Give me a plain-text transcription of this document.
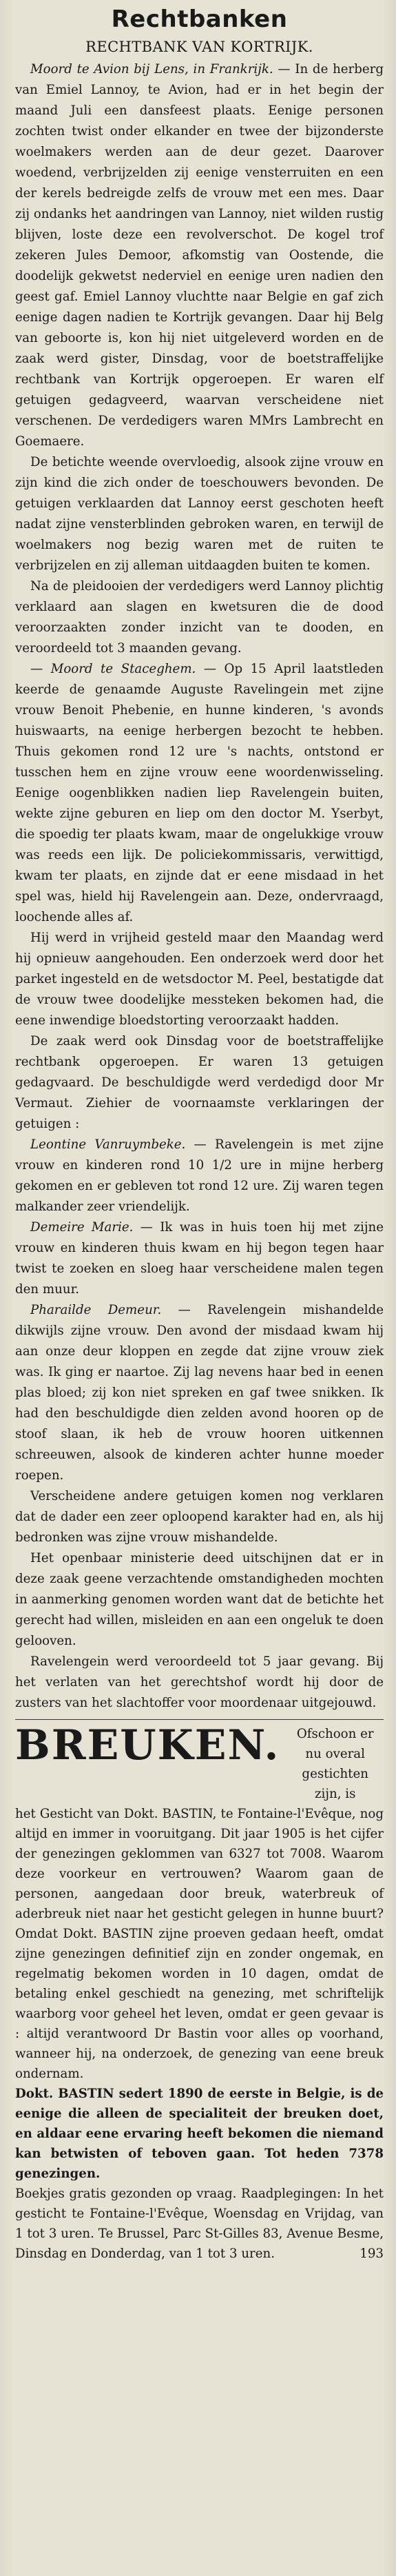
Rechtbanken
RECHTBANK VAN KORTRIJK.

Moord te Avion bij Lens, in Frankrijk. — In de herberg van Emiel Lannoy, te Avion, had er in het begin der maand Juli een dansfeest plaats. Eenige personen zochten twist onder elkander en twee der bijzonderste woelmakers werden aan de deur gezet. Daarover woedend, verbrijzelden zij eenige vensterruiten en een der kerels bedreigde zelfs de vrouw met een mes. Daar zij ondanks het aandringen van Lannoy, niet wilden rustig blijven, loste deze een revolverschot. De kogel trof zekeren Jules Demoor, afkomstig van Oostende, die doodelijk gekwetst nederviel en eenige uren nadien den geest gaf. Emiel Lannoy vluchtte naar Belgie en gaf zich eenige dagen nadien te Kortrijk gevangen. Daar hij Belg van geboorte is, kon hij niet uitgeleverd worden en de zaak werd gister, Dinsdag, voor de boetstraffelijke rechtbank van Kortrijk opgeroepen. Er waren elf getuigen gedagveerd, waarvan verscheidene niet verschenen. De verdedigers waren MMrs Lambrecht en Goemaere.

De betichte weende overvloedig, alsook zijne vrouw en zijn kind die zich onder de toeschouwers bevonden. De getuigen verklaarden dat Lannoy eerst geschoten heeft nadat zijne vensterblinden gebroken waren, en terwijl de woelmakers nog bezig waren met de ruiten te verbrijzelen en zij alleman uitdaagden buiten te komen.

Na de pleidooien der verdedigers werd Lannoy plichtig verklaard aan slagen en kwetsuren die de dood veroorzaakten zonder inzicht van te dooden, en veroordeeld tot 3 maanden gevang.

— Moord te Staceghem. — Op 15 April laatstleden keerde de genaamde Auguste Ravelingein met zijne vrouw Benoit Phebenie, en hunne kinderen, 's avonds huiswaarts, na eenige herbergen bezocht te hebben. Thuis gekomen rond 12 ure 's nachts, ontstond er tusschen hem en zijne vrouw eene woordenwisseling. Eenige oogenblikken nadien liep Ravelengein buiten, wekte zijne geburen en liep om den doctor M. Yserbyt, die spoedig ter plaats kwam, maar de ongelukkige vrouw was reeds een lijk. De policiekommissaris, verwittigd, kwam ter plaats, en zijnde dat er eene misdaad in het spel was, hield hij Ravelengein aan. Deze, ondervraagd, loochende alles af.

Hij werd in vrijheid gesteld maar den Maandag werd hij opnieuw aangehouden. Een onderzoek werd door het parket ingesteld en de wetsdoctor M. Peel, bestatigde dat de vrouw twee doodelijke messteken bekomen had, die eene inwendige bloedstorting veroorzaakt hadden.

De zaak werd ook Dinsdag voor de boetstraffelijke rechtbank opgeroepen. Er waren 13 getuigen gedagvaard. De beschuldigde werd verdedigd door Mr Vermaut. Ziehier de voornaamste verklaringen der getuigen :

Leontine Vanruymbeke. — Ravelengein is met zijne vrouw en kinderen rond 10 1/2 ure in mijne herberg gekomen en er gebleven tot rond 12 ure. Zij waren tegen malkander zeer vriendelijk.

Demeire Marie. — Ik was in huis toen hij met zijne vrouw en kinderen thuis kwam en hij begon tegen haar twist te zoeken en sloeg haar verscheidene malen tegen den muur.

Pharailde Demeur. — Ravelengein mishandelde dikwijls zijne vrouw. Den avond der misdaad kwam hij aan onze deur kloppen en zegde dat zijne vrouw ziek was. Ik ging er naartoe. Zij lag nevens haar bed in eenen plas bloed; zij kon niet spreken en gaf twee snikken. Ik had den beschuldigde dien zelden avond hooren op de stoof slaan, ik heb de vrouw hooren uitkennen schreeuwen, alsook de kinderen achter hunne moeder roepen.

Verscheidene andere getuigen komen nog verklaren dat de dader een zeer oploopend karakter had en, als hij bedronken was zijne vrouw mishandelde.

Het openbaar ministerie deed uitschijnen dat er in deze zaak geene verzachtende omstandigheden mochten in aanmerking genomen worden want dat de betichte het gerecht had willen, misleiden en aan een ongeluk te doen gelooven.

Ravelengein werd veroordeeld tot 5 jaar gevang. Bij het verlaten van het gerechtshof wordt hij door de zusters van het slachtoffer voor moordenaar uitgejouwd.

BREUKEN.	Ofschoon er nu overal gestichten zijn, is

het Gesticht van Dokt. BASTIN, te Fontaine-l'Evêque, nog altijd en immer in vooruitgang. Dit jaar 1905 is het cijfer der genezingen geklommen van 6327 tot 7008. Waarom deze voorkeur en vertrouwen? Waarom gaan de personen, aangedaan door breuk, waterbreuk of aderbreuk niet naar het gesticht gelegen in hunne buurt? Omdat Dokt. BASTIN zijne proeven gedaan heeft, omdat zijne genezingen definitief zijn en zonder ongemak, en regelmatig bekomen worden in 10 dagen, omdat de betaling enkel geschiedt na genezing, met schriftelijk waarborg voor geheel het leven, omdat er geen gevaar is : altijd verantwoord Dr Bastin voor alles op voorhand, wanneer hij, na onderzoek, de genezing van eene breuk ondernam.

Dokt. BASTIN sedert 1890 de eerste in Belgie, is de eenige die alleen de specialiteit der breuken doet, en aldaar eene ervaring heeft bekomen die niemand kan betwisten of teboven gaan. Tot heden 7378 genezingen.

Boekjes gratis gezonden op vraag. Raadplegingen: In het gesticht te Fontaine-l'Evêque, Woensdag en Vrijdag, van 1 tot 3 uren. Te Brussel, Parc St-Gilles 83, Avenue Besme, Dinsdag en Donderdag, van 1 tot 3 uren.	193
